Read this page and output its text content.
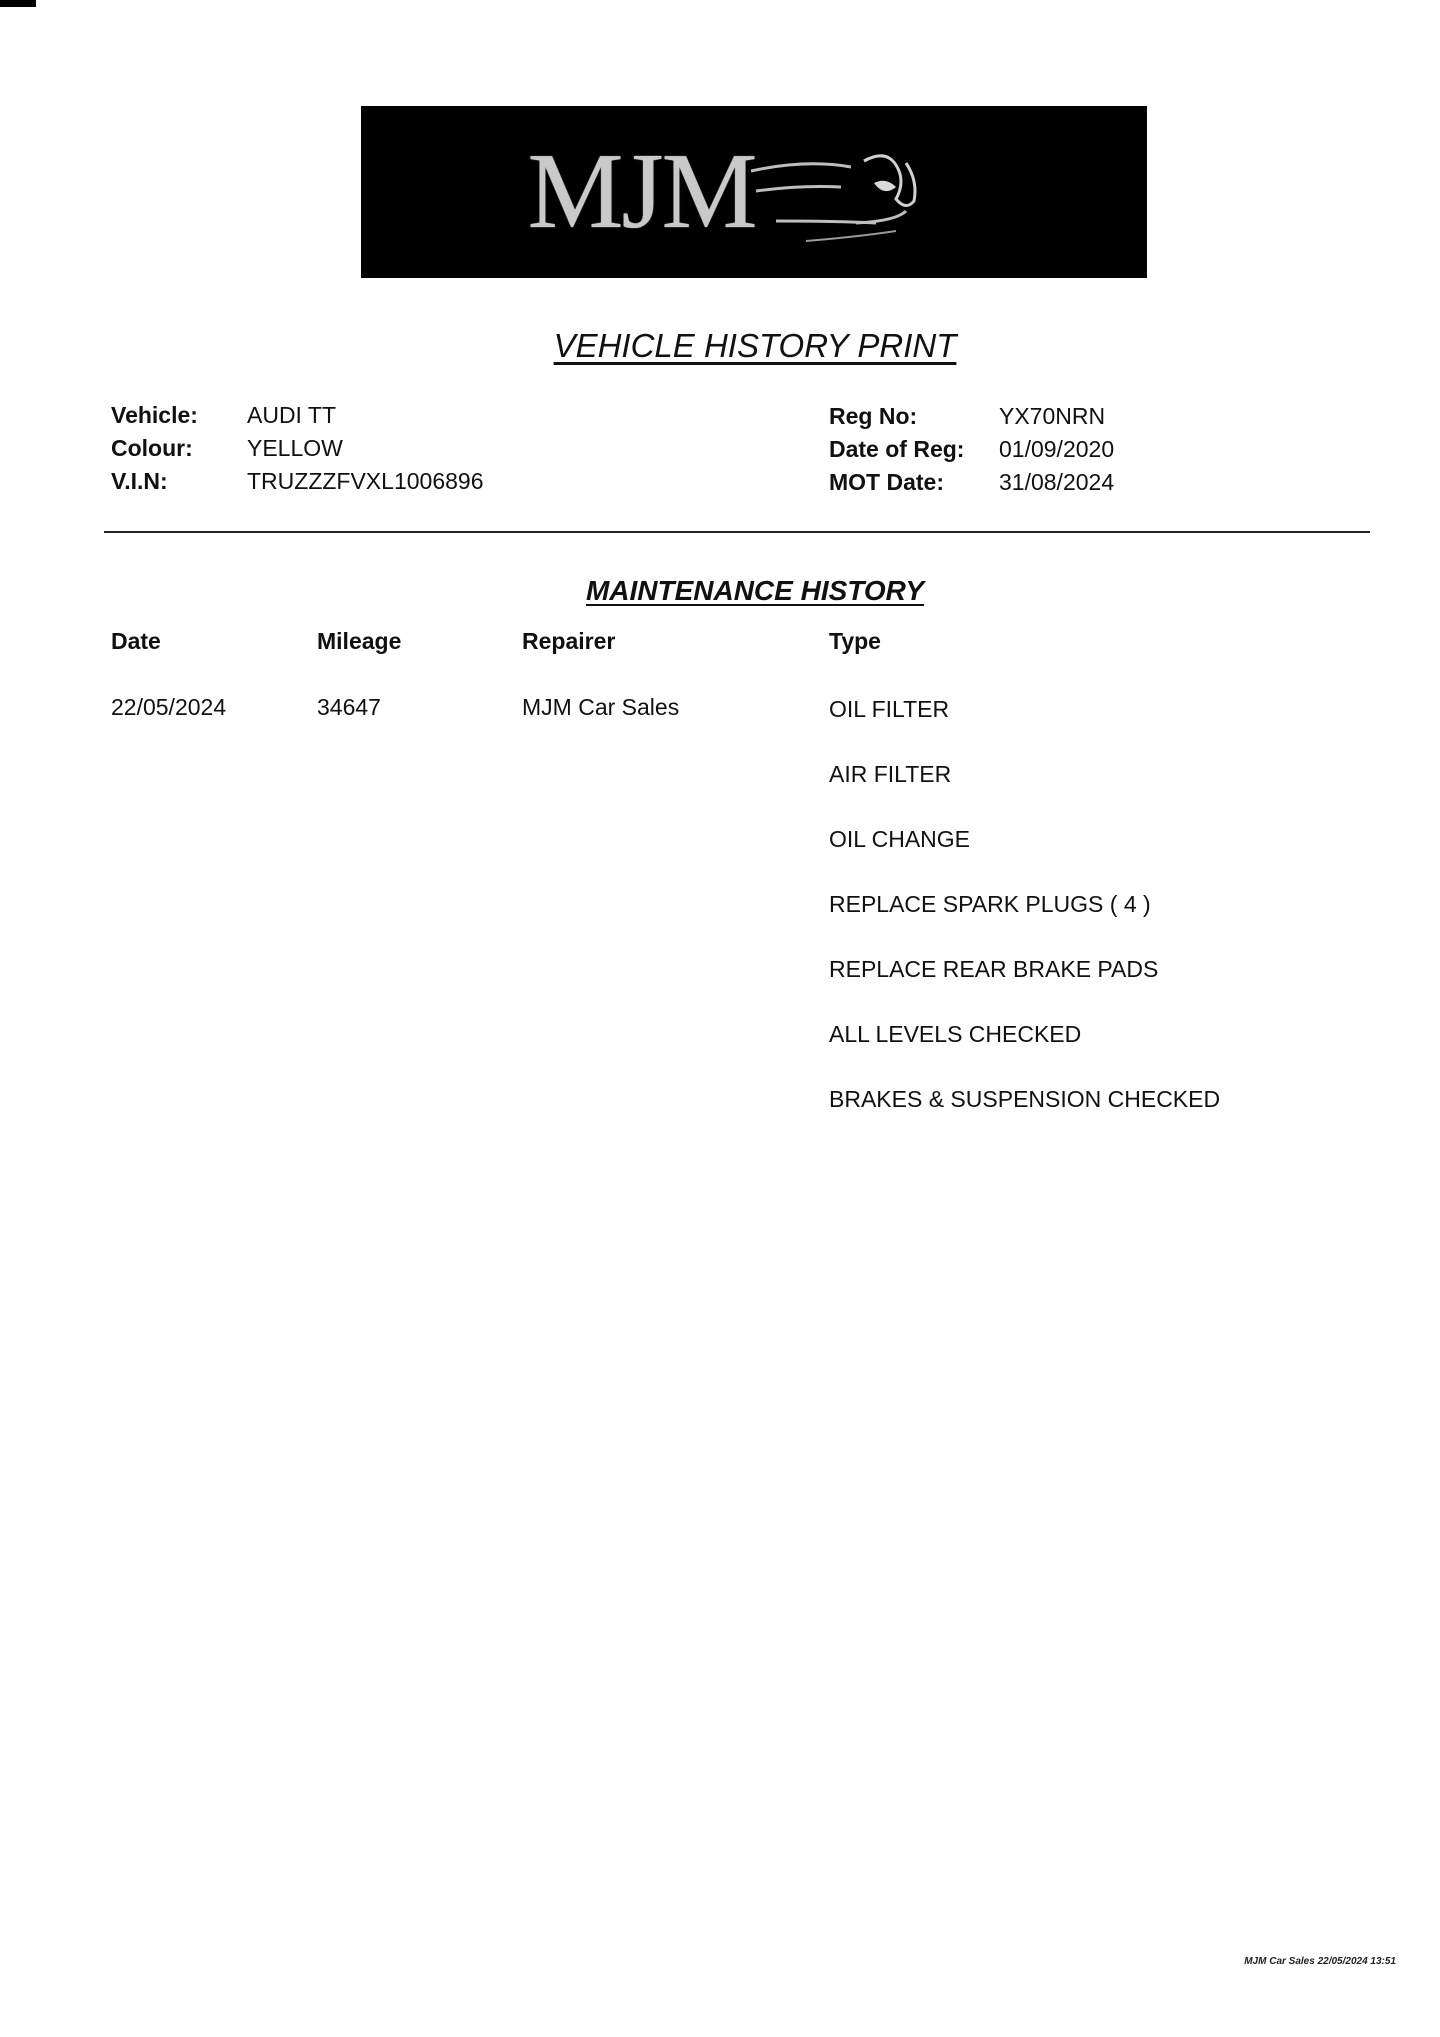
MJM
VEHICLE HISTORY PRINT
Vehicle: AUDI TT
Colour: YELLOW
V.I.N:	TRUZZZFVXL1006896
Reg No:	YX70NRN
Date of Reg: 01/09/2020
MOT Date: 31/08/2024
MAINTENANCE HISTORY
Date	Mileage	Repairer	Type
22/05/2024	34647	MJM Car Sales	OIL FILTER
AIR FILTER
OIL CHANGE
REPLACE SPARK PLUGS ( 4 )
REPLACE REAR BRAKE PADS
ALL LEVELS CHECKED
BRAKES & SUSPENSION CHECKED
MJM Car Sales 22/05/2024 13:51
